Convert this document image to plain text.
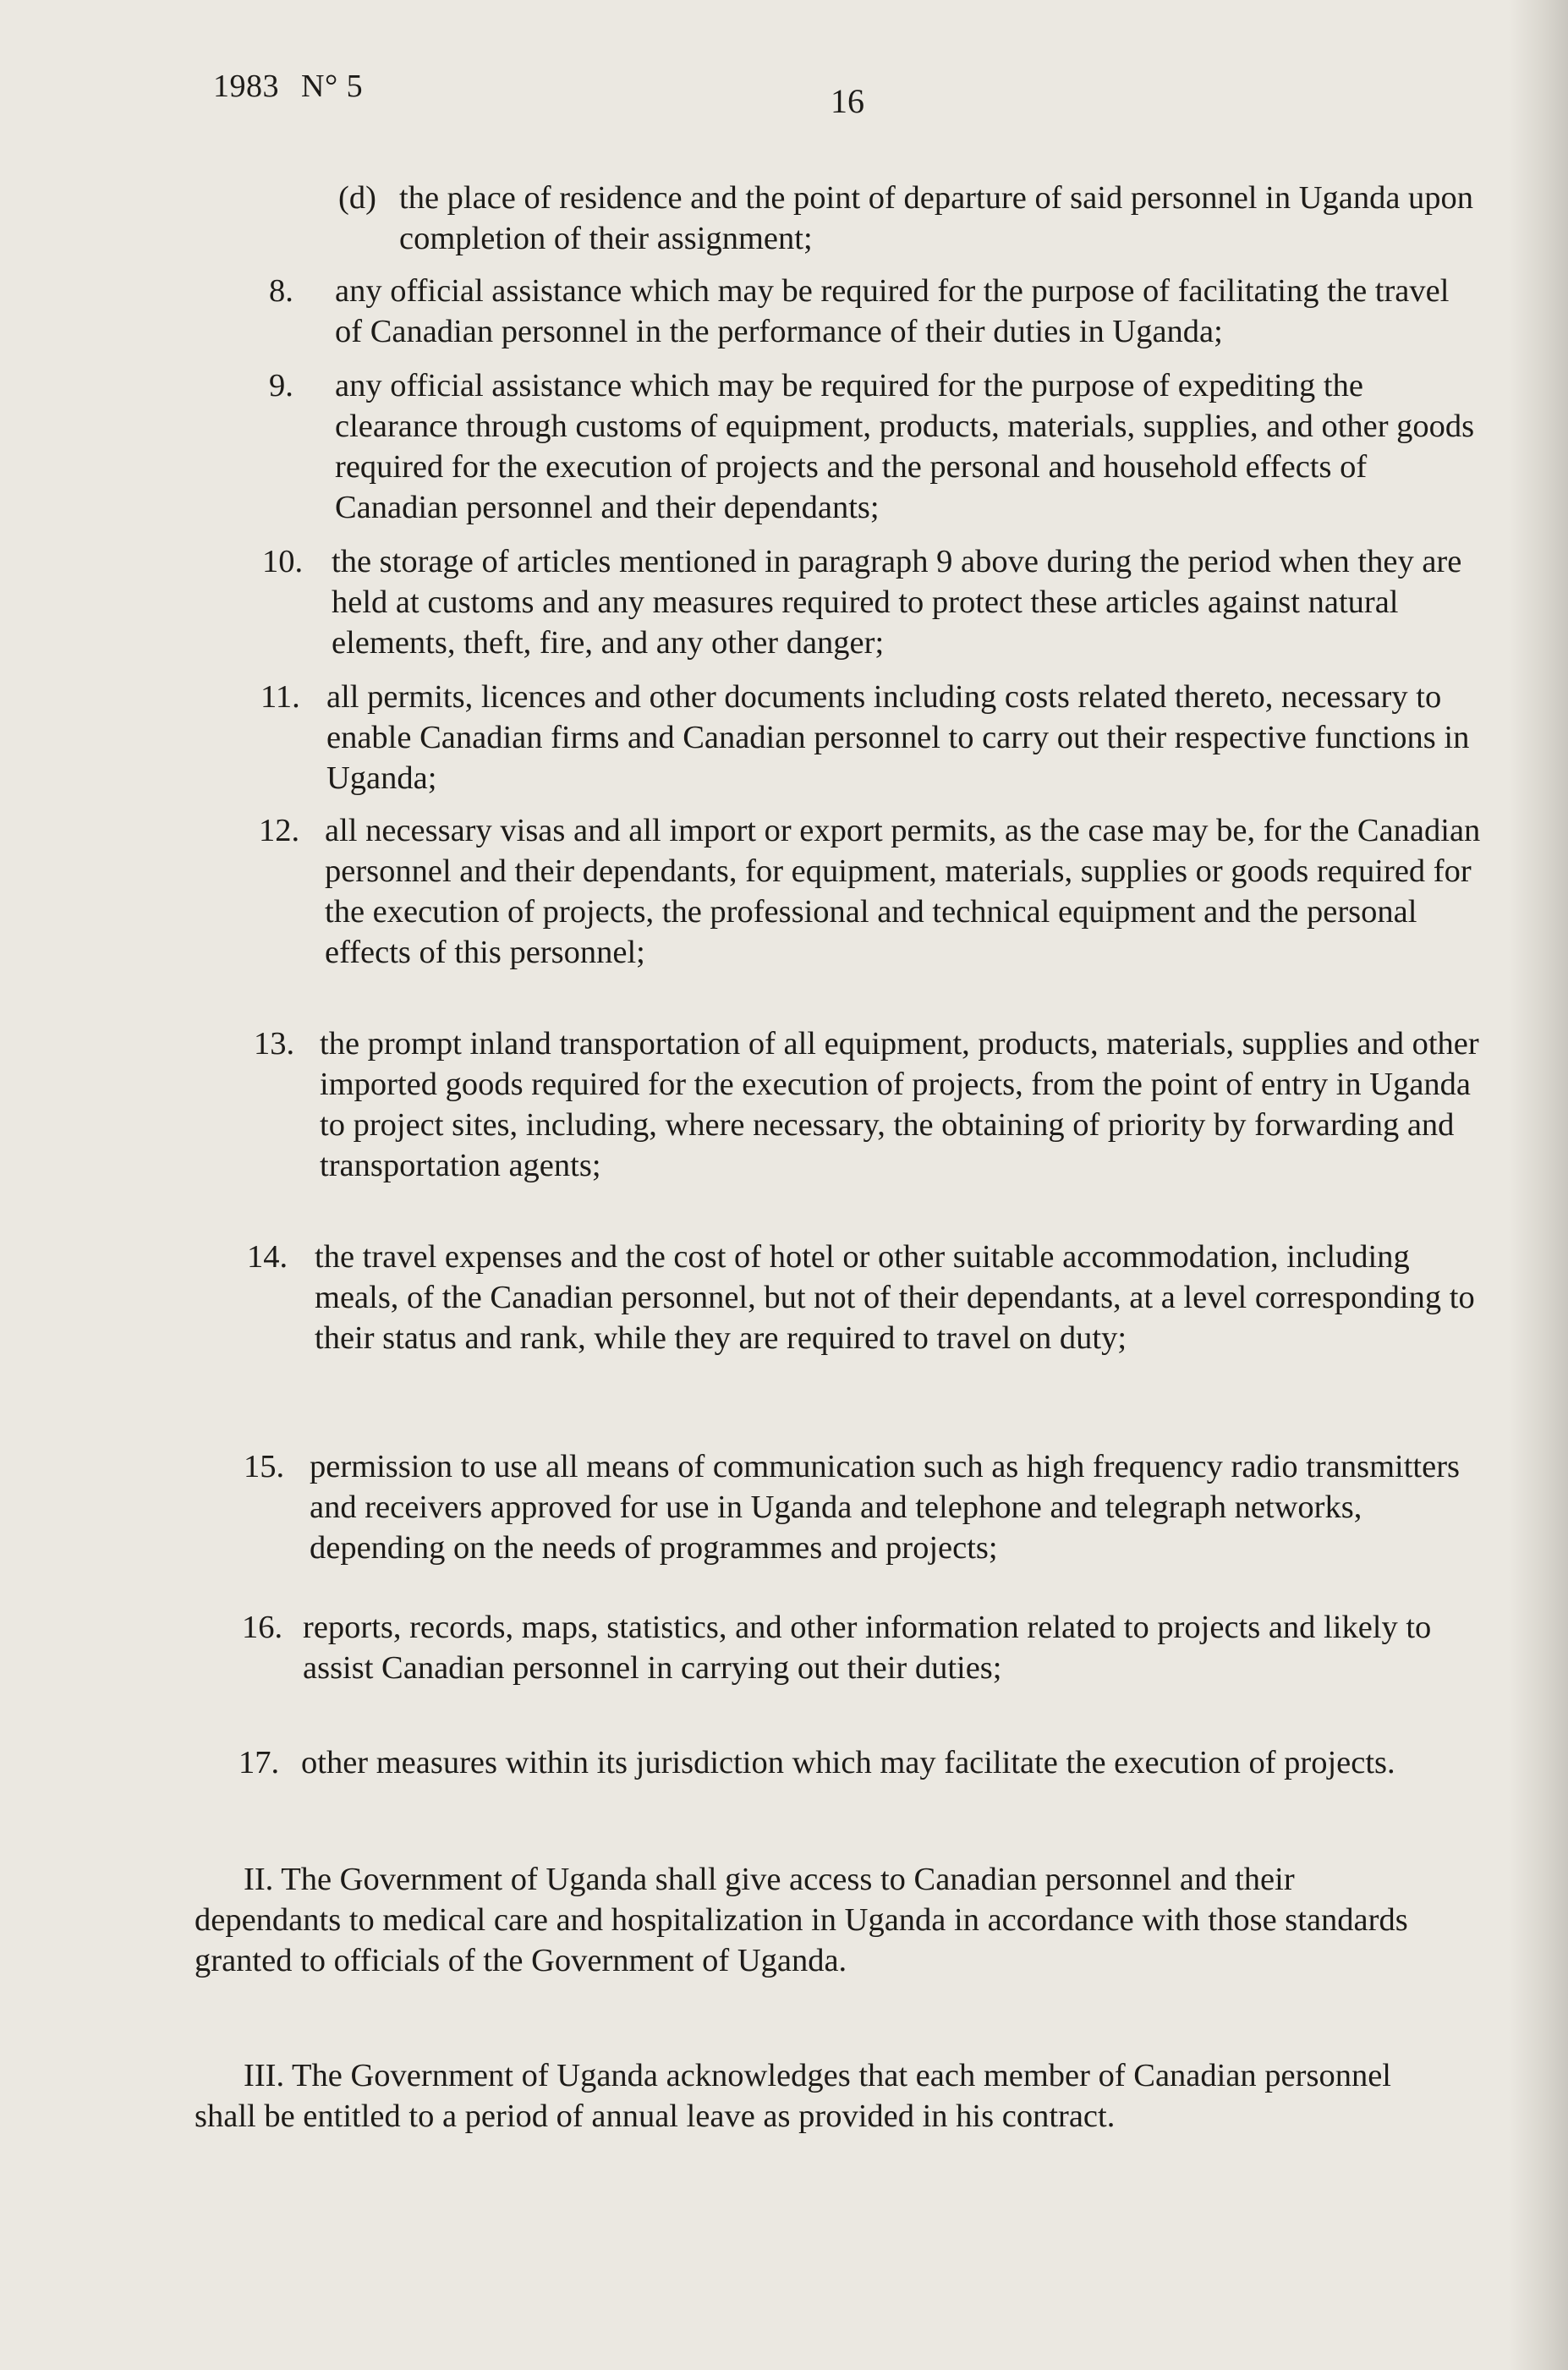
1983 N° 5	16
(d) the place of residence and the point of departure of said personnel in Uganda upon completion of their assignment;
8. any official assistance which may be required for the purpose of facilitating the travel of Canadian personnel in the performance of their duties in Uganda;
9. any official assistance which may be required for the purpose of expediting the clearance through customs of equipment, products, materials, supplies, and other goods required for the execution of projects and the personal and household effects of Canadian personnel and their dependants;
10. the storage of articles mentioned in paragraph 9 above during the period when they are held at customs and any measures required to protect these articles against natural elements, theft, fire, and any other danger;
11. all permits, licences and other documents including costs related thereto, necessary to enable Canadian firms and Canadian personnel to carry out their respective functions in Uganda;
12. all necessary visas and all import or export permits, as the case may be, for the Canadian personnel and their dependants, for equipment, materials, supplies or goods required for the execution of projects, the professional and technical equipment and the personal effects of this personnel;
13. the prompt inland transportation of all equipment, products, materials, supplies and other imported goods required for the execution of projects, from the point of entry in Uganda to project sites, including, where necessary, the obtaining of priority by forwarding and transportation agents;
14. the travel expenses and the cost of hotel or other suitable accommodation, including meals, of the Canadian personnel, but not of their dependants, at a level corresponding to their status and rank, while they are required to travel on duty;
15. permission to use all means of communication such as high frequency radio transmitters and receivers approved for use in Uganda and telephone and telegraph networks, depending on the needs of programmes and projects;
16. reports, records, maps, statistics, and other information related to projects and likely to assist Canadian personnel in carrying out their duties;
17. other measures within its jurisdiction which may facilitate the execution of projects.
II. The Government of Uganda shall give access to Canadian personnel and their dependants to medical care and hospitalization in Uganda in accordance with those standards granted to officials of the Government of Uganda.
III. The Government of Uganda acknowledges that each member of Canadian personnel shall be entitled to a period of annual leave as provided in his contract.
